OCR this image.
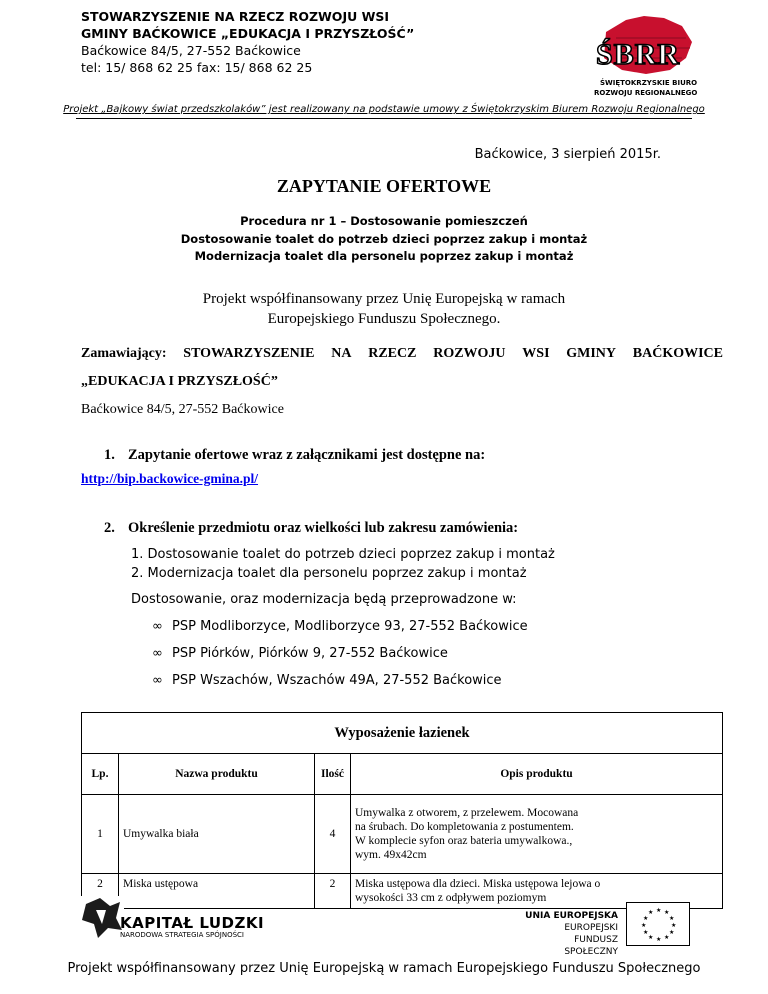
STOWARZYSZENIE NA RZECZ ROZWOJU WSI
GMINY BAĆKOWICE „EDUKACJA I PRZYSZŁOŚĆ”
Baćkowice 84/5, 27-552 Baćkowice
tel: 15/ 868 62 25 fax: 15/ 868 62 25	ŚBRR
ŚWIĘTOKRZYSKIE BIURO
ROZWOJU REGIONALNEGO
Projekt „Bajkowy świat przedszkolaków” jest realizowany na podstawie umowy z Świętokrzyskim Biurem Rozwoju Regionalnego
Baćkowice, 3 sierpień 2015r.
ZAPYTANIE OFERTOWE
Procedura nr 1 – Dostosowanie pomieszczeń
Dostosowanie toalet do potrzeb dzieci poprzez zakup i montaż
Modernizacja toalet dla personelu poprzez zakup i montaż
Projekt współfinansowany przez Unię Europejską w ramach
Europejskiego Funduszu Społecznego.
Zamawiający: STOWARZYSZENIE NA RZECZ ROZWOJU WSI GMINY BAĆKOWICE
„EDUKACJA I PRZYSZŁOŚĆ”
Baćkowice 84/5, 27-552 Baćkowice
1. Zapytanie ofertowe wraz z załącznikami jest dostępne na:
http://bip.backowice-gmina.pl/
2. Określenie przedmiotu oraz wielkości lub zakresu zamówienia:
1. Dostosowanie toalet do potrzeb dzieci poprzez zakup i montaż
2. Modernizacja toalet dla personelu poprzez zakup i montaż
Dostosowanie, oraz modernizacja będą przeprowadzone w:
∞ PSP Modliborzyce, Modliborzyce 93, 27-552 Baćkowice
∞ PSP Piórków, Piórków 9, 27-552 Baćkowice
∞ PSP Wszachów, Wszachów 49A, 27-552 Baćkowice
Wyposażenie łazienek			
Lp.	Nazwa produktu	Ilość	Opis produktu
1	Umywalka biała	4	Umywalka z otworem, z przelewem. Mocowana
na śrubach. Do kompletowania z postumentem.
W komplecie syfon oraz bateria umywalkowa.,
wym. 49x42cm

2	Miska ustępowa	2	Miska ustępowa dla dzieci. Miska ustępowa lejowa o
wysokości 33 cm z odpływem poziomym
KAPITAŁ LUDZKI
NARODOWA STRATEGIA SPÓJNOŚCI
UNIA EUROPEJSKA
EUROPEJSKI
FUNDUSZ SPOŁECZNY
★ ★
★
★
★
★
★
★
★
★
★
★
Projekt współfinansowany przez Unię Europejską w ramach Europejskiego Funduszu Społecznego
